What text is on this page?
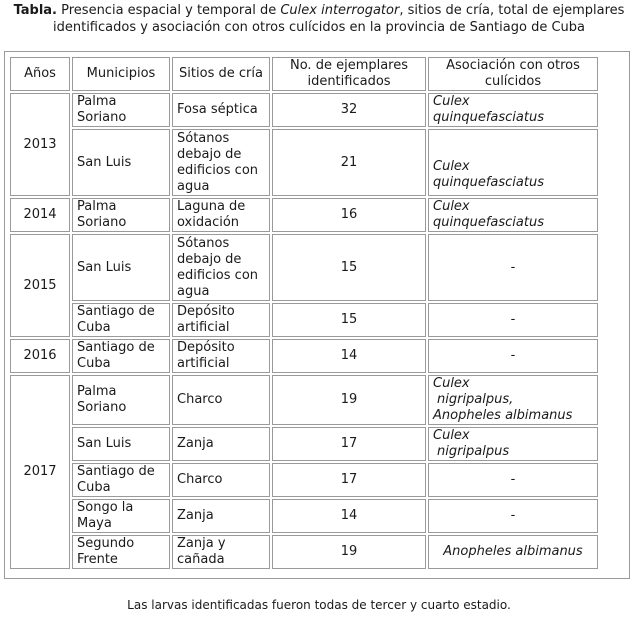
Tabla. Presencia espacial y temporal de Culex interrogator, sitios de cría, total de ejemplares identificados y asociación con otros culícidos en la provincia de Santiago de Cuba
Años	Municipios	Sitios de cría	No. de ejemplares identificados	Asociación con otros culícidos
2013	Palma Soriano	Fosa séptica	32	Culex
quinquefasciatus
	San Luis	Sótanos debajo de edificios con agua	21	Culex
quinquefasciatus
2014	Palma Soriano	Laguna de oxidación	16	Culex
quinquefasciatus
2015	San Luis	Sótanos debajo de edificios con agua	15	-
	Santiago de Cuba	Depósito artificial	15	-
2016	Santiago de Cuba	Depósito artificial	14	-
2017	Palma Soriano	Charco	19	Culex
nigripalpus,
Anopheles albimanus
	San Luis	Zanja	17	Culex
nigripalpus
	Santiago de Cuba	Charco	17	-
	Songo la Maya	Zanja	14	-
	Segundo Frente	Zanja y cañada	19	Anopheles albimanus
Las larvas identificadas fueron todas de tercer y cuarto estadio.
